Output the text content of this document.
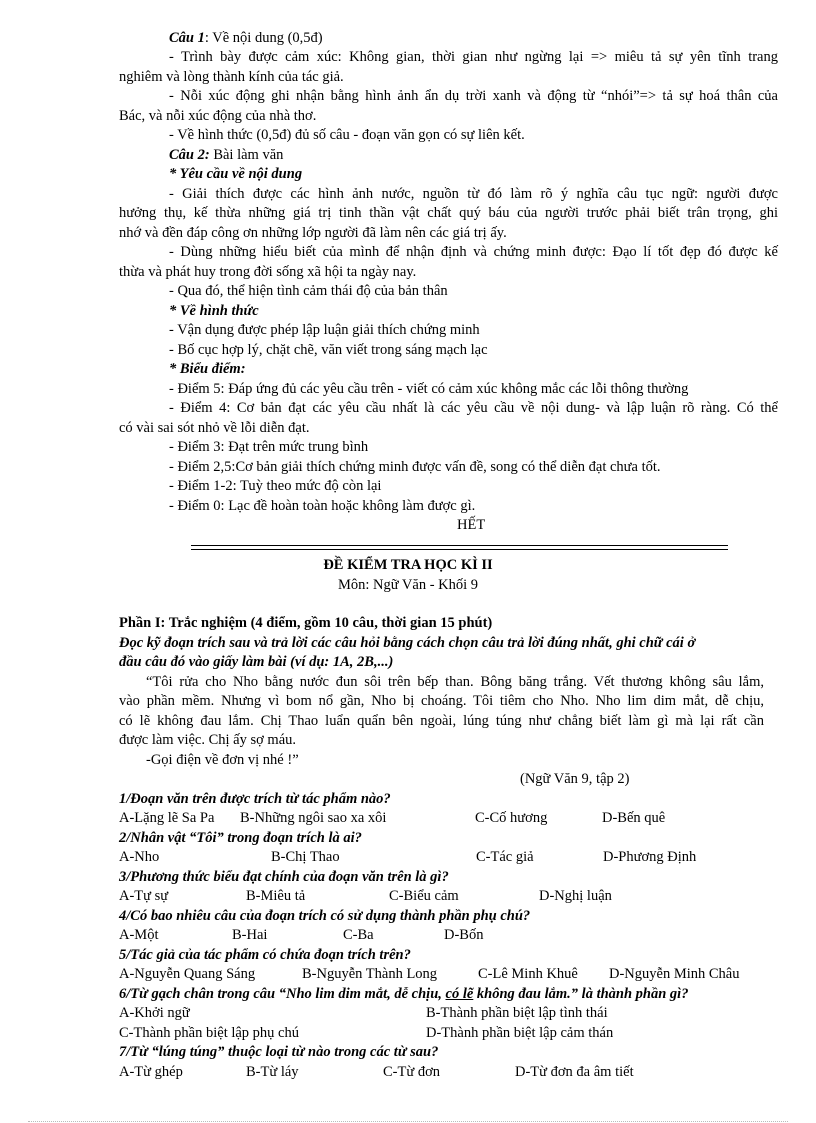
Câu 1: Về nội dung (0,5đ)
- Trình bày được cảm xúc: Không gian, thời gian như ngừng lại => miêu tả sự yên tĩnh trang
nghiêm và lòng thành kính của tác giả.
- Nỗi xúc động ghi nhận bằng hình ảnh ẩn dụ trời xanh và động từ “nhói”=> tả sự hoá thân của
Bác, và nỗi xúc động của nhà thơ.
- Về hình thức (0,5đ) đủ số câu - đoạn văn gọn có sự liên kết.
Câu 2: Bài làm văn
* Yêu cầu về nội dung
- Giải thích được các hình ảnh nước, nguồn từ đó làm rõ ý nghĩa câu tục ngữ: người được
hưởng thụ, kế thừa những giá trị tinh thần vật chất quý báu của người trước phải biết trân trọng, ghi
nhớ và đền đáp công ơn những lớp người đã làm nên các giá trị ấy.
- Dùng những hiểu biết của mình để nhận định và chứng minh được: Đạo lí tốt đẹp đó được kế
thừa và phát huy trong đời sống xã hội ta ngày nay.
- Qua đó, thể hiện tình cảm thái độ của bản thân
* Về hình thức
- Vận dụng được phép lập luận giải thích chứng minh
- Bố cục hợp lý, chặt chẽ, văn viết trong sáng mạch lạc
* Biểu điểm:
- Điểm 5: Đáp ứng đủ các yêu cầu trên - viết có cảm xúc không mắc các lỗi thông thường
- Điểm 4: Cơ bản đạt các yêu cầu nhất là các yêu cầu về nội dung- và lập luận rõ ràng. Có thể
có vài sai sót nhỏ về lỗi diễn đạt.
- Điểm 3: Đạt trên mức trung bình
- Điểm 2,5:Cơ bản giải thích chứng minh được vấn đề, song có thể diễn đạt chưa tốt.
- Điểm 1-2: Tuỳ theo mức độ còn lại
- Điểm 0: Lạc đề hoàn toàn hoặc không làm được gì.
HẾT
ĐỀ KIỂM TRA HỌC KÌ II
Môn: Ngữ Văn - Khối 9
Phần I: Trắc nghiệm (4 điểm, gồm 10 câu, thời gian 15 phút)
Đọc kỹ đoạn trích sau và trả lời các câu hỏi bằng cách chọn câu trả lời đúng nhất, ghi chữ cái ở
đầu câu đó vào giấy làm bài (ví dụ: 1A, 2B,...)
“Tôi rửa cho Nho bằng nước đun sôi trên bếp than. Bông băng trắng. Vết thương không sâu lắm,
vào phần mềm. Nhưng vì bom nổ gần, Nho bị choáng. Tôi tiêm cho Nho. Nho lim dim mắt, dễ chịu,
có lẽ không đau lắm. Chị Thao luẩn quẩn bên ngoài, lúng túng như chẳng biết làm gì mà lại rất cần
được làm việc. Chị ấy sợ máu.
-Gọi điện về đơn vị nhé !”
(Ngữ Văn 9, tập 2)
1/Đoạn văn trên được trích từ tác phẩm nào?
A-Lặng lẽ Sa Pa B-Những ngôi sao xa xôi	C-Cố hương	D-Bến quê
2/Nhân vật “Tôi” trong đoạn trích là ai?
A-Nho	B-Chị Thao	C-Tác giả	D-Phương Định
3/Phương thức biểu đạt chính của đoạn văn trên là gì?
A-Tự sự	B-Miêu tả	C-Biểu cảm	D-Nghị luận
4/Có bao nhiêu câu của đoạn trích có sử dụng thành phần phụ chú?
A-Một	B-Hai	C-Ba	D-Bốn
5/Tác giả của tác phẩm có chứa đoạn trích trên?
A-Nguyễn Quang Sáng	B-Nguyễn Thành Long	C-Lê Minh Khuê D-Nguyễn Minh Châu
6/Từ gạch chân trong câu “Nho lim dim mắt, dễ chịu, có lẽ không đau lắm.” là thành phần gì?
A-Khởi ngữ	B-Thành phần biệt lập tình thái
C-Thành phần biệt lập phụ chú	D-Thành phần biệt lập cảm thán
7/Từ “lúng túng” thuộc loại từ nào trong các từ sau?
A-Từ ghép	B-Từ láy	C-Từ đơn	D-Từ đơn đa âm tiết
